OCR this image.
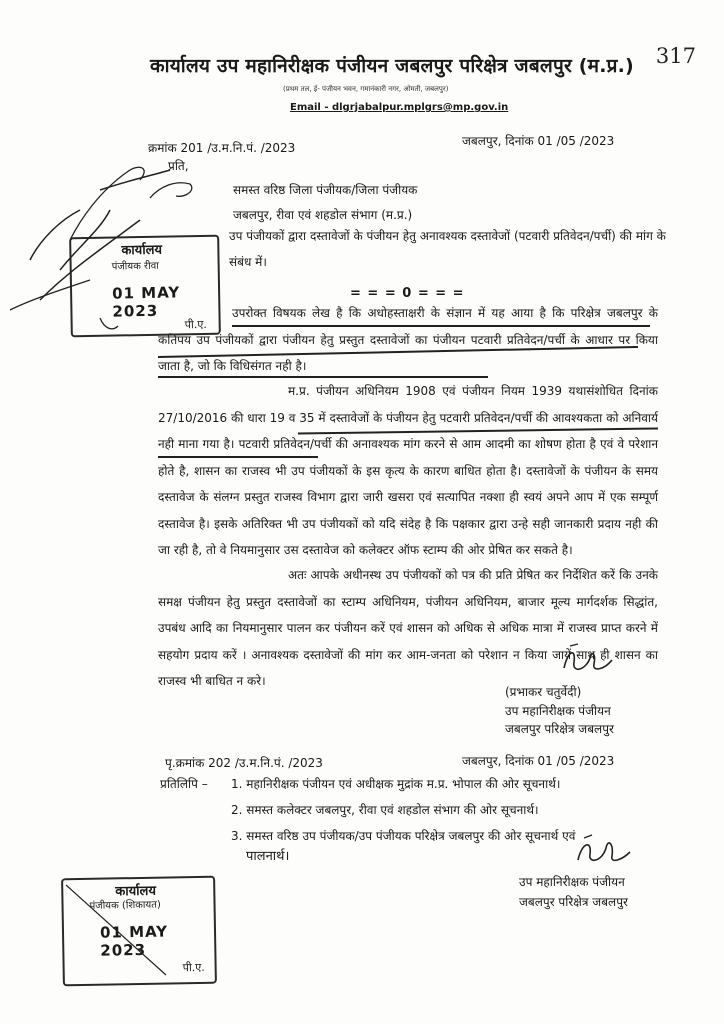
कार्यालय उप महानिरीक्षक पंजीयन जबलपुर परिक्षेत्र जबलपुर (म.प्र.) 317
(प्रथम तल, ई- पंजीयन भवन, गमानंकारी नगर, ओमती, जबलपुर)
Email - dlgrjabalpur.mplgrs@mp.gov.in
क्रमांक 201 /उ.म.नि.पं. /2023	जबलपुर, दिनांक 01 /05 /2023
प्रति,
समस्त वरिष्ठ जिला पंजीयक/जिला पंजीयक
जबलपुर, रीवा एवं शहडोल संभाग (म.प्र.)
उप पंजीयकों द्वारा दस्तावेजों के पंजीयन हेतु अनावश्यक दस्तावेजों (पटवारी प्रतिवेदन/पर्ची) की मांग के संबंध में।
= = = 0 = = =
उपरोक्त विषयक लेख है कि अधोहस्ताक्षरी के संज्ञान में यह आया है कि परिक्षेत्र जबलपुर के कतिपय उप पंजीयकों द्वारा पंजीयन हेतु प्रस्तुत दस्तावेजों का पंजीयन पटवारी प्रतिवेदन/पर्ची के आधार पर किया जाता है, जो कि विधिसंगत नही है।
म.प्र. पंजीयन अधिनियम 1908 एवं पंजीयन नियम 1939 यथासंशोधित दिनांक 27/10/2016 की धारा 19 व 35 में दस्तावेजों के पंजीयन हेतु पटवारी प्रतिवेदन/पर्ची की आवश्यकता को अनिवार्य नही माना गया है। पटवारी प्रतिवेदन/पर्ची की अनावश्यक मांग करने से आम आदमी का शोषण होता है एवं वे परेशान होते है, शासन का राजस्व भी उप पंजीयकों के इस कृत्य के कारण बाधित होता है। दस्तावेजों के पंजीयन के समय दस्तावेज के संलग्न प्रस्तुत राजस्व विभाग द्वारा जारी खसरा एवं सत्यापित नक्शा ही स्वयं अपने आप में एक सम्पूर्ण दस्तावेज है। इसके अतिरिक्त भी उप पंजीयकों को यदि संदेह है कि पक्षकार द्वारा उन्हे सही जानकारी प्रदाय नही की जा रही है, तो वे नियमानुसार उस दस्तावेज को कलेक्टर ऑफ स्टाम्प की ओर प्रेषित कर सकते है।
अतः आपके अधीनस्थ उप पंजीयकों को पत्र की प्रति प्रेषित कर निर्देशित करें कि उनके समक्ष पंजीयन हेतु प्रस्तुत दस्तावेजों का स्टाम्प अधिनियम, पंजीयन अधिनियम, बाजार मूल्य मार्गदर्शक सिद्धांत, उपबंध आदि का नियमानुसार पालन कर पंजीयन करें एवं शासन को अधिक से अधिक मात्रा में राजस्व प्राप्त करने में सहयोग प्रदाय करें । अनावश्यक दस्तावेजों की मांग कर आम-जनता को परेशान न किया जायें साथ ही शासन का राजस्व भी बाधित न करे।
(प्रभाकर चतुर्वेदी)
उप महानिरीक्षक पंजीयन
जबलपुर परिक्षेत्र जबलपुर
पृ.क्रमांक 202 /उ.म.नि.पं. /2023	जबलपुर, दिनांक 01 /05 /2023
प्रतिलिपि – 1. महानिरीक्षक पंजीयन एवं अधीक्षक मुद्रांक म.प्र. भोपाल की ओर सूचनार्थ।
2. समस्त कलेक्टर जबलपुर, रीवा एवं शहडोल संभाग की ओर सूचनार्थ।
3. समस्त वरिष्ठ उप पंजीयक/उप पंजीयक परिक्षेत्र जबलपुर की ओर सूचनार्थ एवं
पालनार्थ।
उप महानिरीक्षक पंजीयन
जबलपुर परिक्षेत्र जबलपुर
कार्यालय
पंजीयक रीवा
01 MAY 2023
पी.ए.
कार्यालय
पंजीयक (शिकायत)
01 MAY 2023
पी.ए.
